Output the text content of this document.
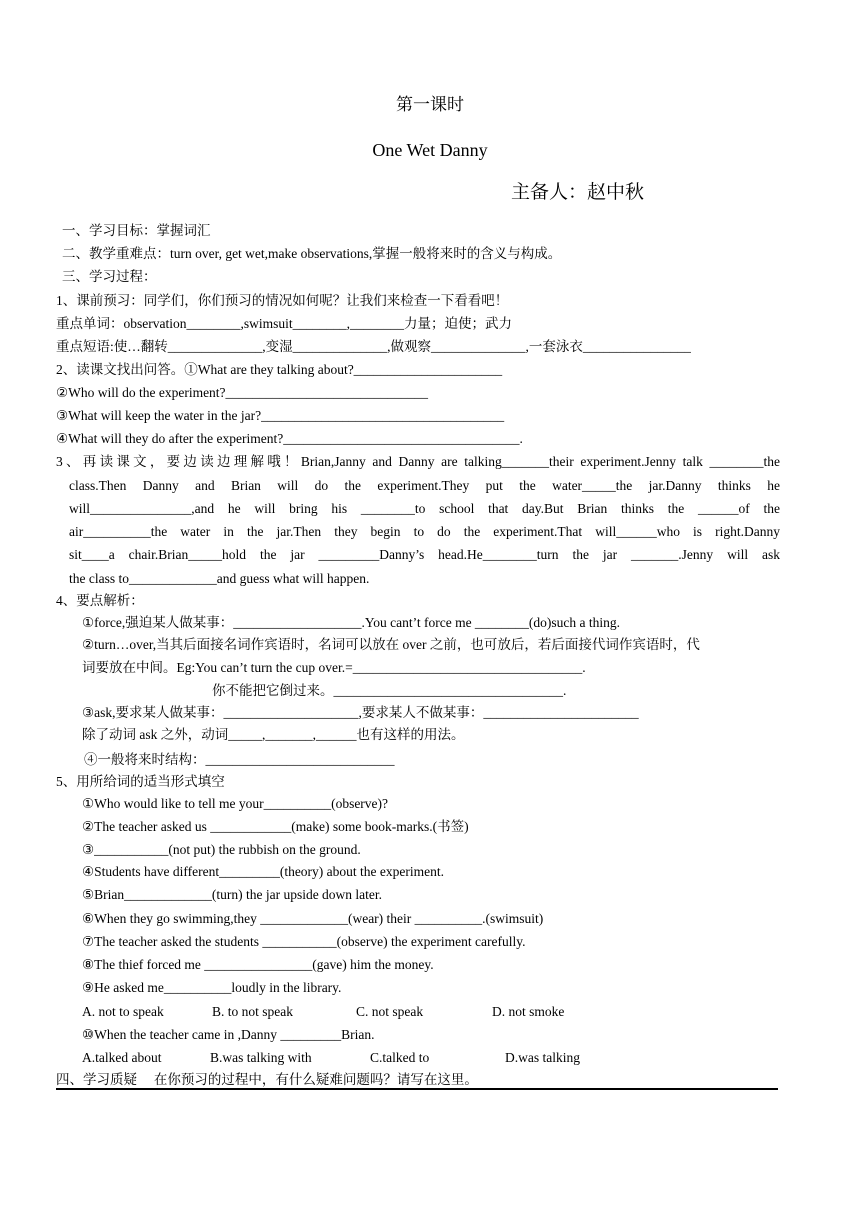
第一课时
One Wet Danny
主备人：赵中秋
一、学习目标：掌握词汇
二、教学重难点：turn over, get wet,make observations,掌握一般将来时的含义与构成。
三、学习过程：
1、课前预习：同学们，你们预习的情况如何呢？让我们来检查一下看看吧！
重点单词：observation________,swimsuit________,________力量；迫使；武力
重点短语:使…翻转______________,变湿______________,做观察______________,一套泳衣________________
2、读课文找出问答。①What are they talking about?______________________
②Who will do the experiment?______________________________
③What will keep the water in the jar?____________________________________
④What will they do after the experiment?___________________________________.
3、再读课文，要边读边理解哦！Brian,Janny and Danny are talking_______their experiment.Jenny talk ________the
class.Then Danny and Brian will do the experiment.They put the water_____the jar.Danny thinks he
will_______________,and he will bring his ________to school that day.But Brian thinks the ______of the
air__________the water in the jar.Then they begin to do the experiment.That will______who is right.Danny
sit____a chair.Brian_____hold the jar _________Danny’s head.He________turn the jar _______.Jenny will ask
the class to_____________and guess what will happen.
4、要点解析：
①force,强迫某人做某事：___________________.You cant’t force me ________(do)such a thing.
②turn…over,当其后面接名词作宾语时，名词可以放在 over 之前，也可放后，若后面接代词作宾语时，代
词要放在中间。Eg:You can’t turn the cup over.=__________________________________.
你不能把它倒过来。__________________________________.
③ask,要求某人做某事：____________________,要求某人不做某事：_______________________
除了动词 ask 之外，动词_____,_______,______也有这样的用法。
④一般将来时结构：____________________________
5、用所给词的适当形式填空
①Who would like to tell me your__________(observe)?
②The teacher asked us ____________(make) some book-marks.(书签)
③___________(not put) the rubbish on the ground.
④Students have different_________(theory) about the experiment.
⑤Brian_____________(turn) the jar upside down later.
⑥When they go swimming,they _____________(wear) their __________.(swimsuit)
⑦The teacher asked the students ___________(observe) the experiment carefully.
⑧The thief forced me ________________(gave) him the money.
⑨He asked me__________loudly in the library.
A. not to speak	B. to not speak	C. not speak	D. not smoke
⑩When the teacher came in ,Danny _________Brian.
A.talked about	B.was talking with	C.talked to	D.was talking
四、学习质疑　 在你预习的过程中，有什么疑难问题吗？请写在这里。
